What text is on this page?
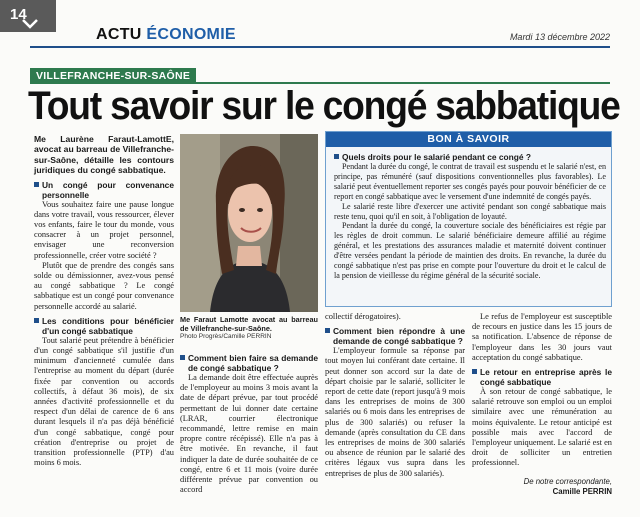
ACTU ÉCONOMIE	Mardi 13 décembre 2022
14
VILLEFRANCHE-SUR-SAÔNE
Tout savoir sur le congé sabbatique
Me Laurène Faraut-LamottE, avocat au barreau de Villefranche-sur-Saône, détaille les contours juridiques du congé sabbatique.
Un congé pour convenance personnelle

Vous souhaitez faire une pause longue dans votre travail, vous ressourcer, élever vos enfants, faire le tour du monde, vous consacrer à un projet personnel, envisager une reconversion professionnelle, créer votre société ?

Plutôt que de prendre des congés sans solde ou démissionner, avez-vous pensé au congé sabbatique ? Le congé sabbatique est un congé pour convenance personnelle accordé au salarié.

Les conditions pour bénéficier d'un congé sabbatique

Tout salarié peut prétendre à bénéficier d'un congé sabbatique s'il justifie d'un minimum d'ancienneté cumulée dans l'entreprise au moment du départ (durée fixée par convention ou accords collectifs, à défaut 36 mois), de six années d'activité professionnelle et du respect d'un délai de carence de 6 ans durant lesquels il n'a pas déjà bénéficié d'un congé sabbatique, congé pour création d'entreprise ou projet de transition professionnelle (PTP) d'au moins 6 mois.

Me Faraut Lamotte avocat au barreau de Villefranche-sur-Saône.
Photo Progrès/Camille PERRIN
Comment bien faire sa demande de congé sabbatique ?

La demande doit être effectuée auprès de l'employeur au moins 3 mois avant la date de départ prévue, par tout procédé permettant de lui donner date certaine (LRAR, courrier électronique recommandé, lettre remise en main propre contre récépissé). Elle n'a pas à être motivée. En revanche, il faut indiquer la date de durée souhaitée de ce congé, entre 6 et 11 mois (voire durée différente prévue par convention ou accord

BON À SAVOIR
Quels droits pour le salarié pendant ce congé ?

Pendant la durée du congé, le contrat de travail est suspendu et le salarié n'est, en principe, pas rémunéré (sauf dispositions conventionnelles plus favorables). Le salarié peut éventuellement reporter ses congés payés pour pouvoir bénéficier de ce report en congé sabbatique avec le versement d'une indemnité de congés payés.

Le salarié reste libre d'exercer une activité pendant son congé sabbatique mais reste tenu, quoi qu'il en soit, à l'obligation de loyauté.

Pendant la durée du congé, la couverture sociale des bénéficiaires est régie par les règles de droit commun. Le salarié bénéficiaire demeure affilié au régime général, et les prestations des assurances maladie et maternité doivent continuer d'être versées pendant la période de maintien des droits. En revanche, la durée du congé sabbatique n'est pas prise en compte pour l'ouverture du droit et le calcul de la pension de vieillesse du régime général de la sécurité sociale.

collectif dérogatoires).

Comment bien répondre à une demande de congé sabbatique ?

L'employeur formule sa réponse par tout moyen lui conférant date certaine. Il peut donner son accord sur la date de départ choisie par le salarié, solliciter le report de cette date (report jusqu'à 9 mois dans les entreprises de moins de 300 salariés ou 6 mois dans les entreprises de plus de 300 salariés) ou refuser la demande (après consultation du CE dans les entreprises de moins de 300 salariés ou absence de réunion par le salarié des critères légaux vus supra dans les entreprises de plus de 300 salariés).

Le refus de l'employeur est susceptible de recours en justice dans les 15 jours de sa notification. L'absence de réponse de l'employeur dans les 30 jours vaut acceptation du congé sabbatique.

Le retour en entreprise après le congé sabbatique

À son retour de congé sabbatique, le salarié retrouve son emploi ou un emploi similaire avec une rémunération au moins équivalente. Le retour anticipé est possible mais avec l'accord de l'employeur uniquement. Le salarié est en droit de solliciter un entretien professionnel.

De notre correspondante,
Camille PERRIN
